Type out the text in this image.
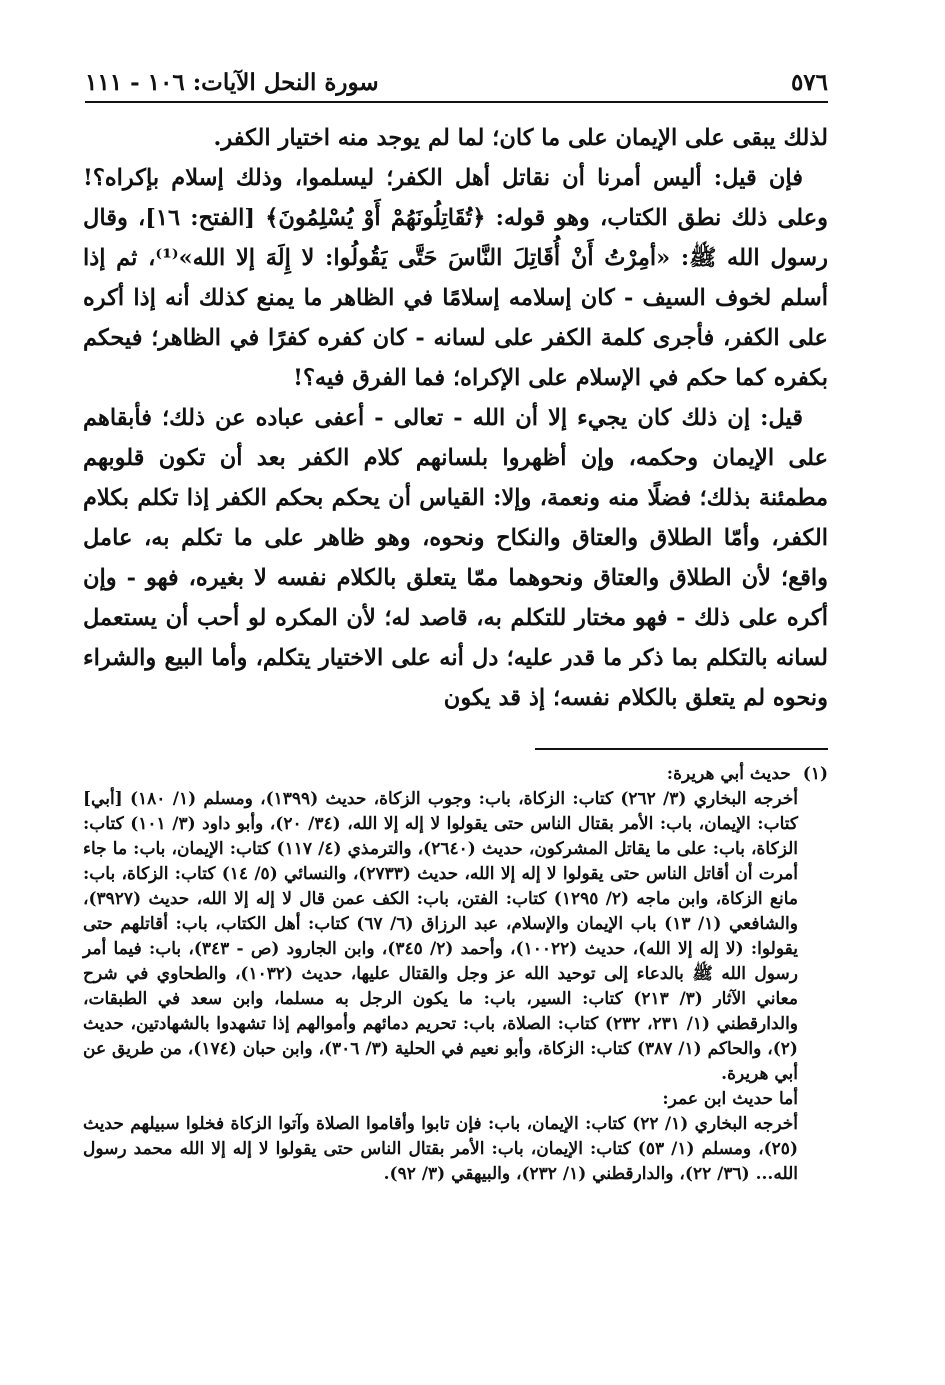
٥٧٦
سورة النحل الآيات: ١٠٦ - ١١١

لذلك يبقى على الإيمان على ما كان؛ لما لم يوجد منه اختيار الكفر.

فإن قيل: أليس أمرنا أن نقاتل أهل الكفر؛ ليسلموا، وذلك إسلام بإكراه؟! وعلى ذلك نطق الكتاب، وهو قوله: ﴿تُقَاتِلُونَهُمْ أَوْ يُسْلِمُونَ﴾ [الفتح: ١٦]، وقال رسول الله ﷺ: «أمِرْتُ أَنْ أُقَاتِلَ النَّاسَ حَتَّى يَقُولُوا: لا إِلَهَ إلا الله»⁽¹⁾، ثم إذا أسلم لخوف السيف - كان إسلامه إسلامًا في الظاهر ما يمنع كذلك أنه إذا أكره على الكفر، فأجرى كلمة الكفر على لسانه - كان كفره كفرًا في الظاهر؛ فيحكم بكفره كما حكم في الإسلام على الإكراه؛ فما الفرق فيه؟!

قيل: إن ذلك كان يجيء إلا أن الله - تعالى - أعفى عباده عن ذلك؛ فأبقاهم على الإيمان وحكمه، وإن أظهروا بلسانهم كلام الكفر بعد أن تكون قلوبهم مطمئنة بذلك؛ فضلًا منه ونعمة، وإلا: القياس أن يحكم بحكم الكفر إذا تكلم بكلام الكفر، وأمّا الطلاق والعتاق والنكاح ونحوه، وهو ظاهر على ما تكلم به، عامل واقع؛ لأن الطلاق والعتاق ونحوهما ممّا يتعلق بالكلام نفسه لا بغيره، فهو - وإن أكره على ذلك - فهو مختار للتكلم به، قاصد له؛ لأن المكره لو أحب أن يستعمل لسانه بالتكلم بما ذكر ما قدر عليه؛ دل أنه على الاختيار يتكلم، وأما البيع والشراء ونحوه لم يتعلق بالكلام نفسه؛ إذ قد يكون

(١)
حديث أبي هريرة:

أخرجه البخاري (٣/ ٢٦٢) كتاب: الزكاة، باب: وجوب الزكاة، حديث (١٣٩٩)، ومسلم (١/ ١٨٠) [أبي] كتاب: الإيمان، باب: الأمر بقتال الناس حتى يقولوا لا إله إلا الله، (٣٤/ ٢٠)، وأبو داود (٣/ ١٠١) كتاب: الزكاة، باب: على ما يقاتل المشركون، حديث (٢٦٤٠)، والترمذي (٤/ ١١٧) كتاب: الإيمان، باب: ما جاء أمرت أن أقاتل الناس حتى يقولوا لا إله إلا الله، حديث (٢٧٣٣)، والنسائي (٥/ ١٤) كتاب: الزكاة، باب: مانع الزكاة، وابن ماجه (٢/ ١٢٩٥) كتاب: الفتن، باب: الكف عمن قال لا إله إلا الله، حديث (٣٩٢٧)، والشافعي (١/ ١٣) باب الإيمان والإسلام، عبد الرزاق (٦/ ٦٧) كتاب: أهل الكتاب، باب: أقاتلهم حتى يقولوا: (لا إله إلا الله)، حديث (١٠٠٢٢)، وأحمد (٢/ ٣٤٥)، وابن الجارود (ص - ٣٤٣)، باب: فيما أمر رسول الله ﷺ بالدعاء إلى توحيد الله عز وجل والقتال عليها، حديث (١٠٣٢)، والطحاوي في شرح معاني الآثار (٣/ ٢١٣) كتاب: السير، باب: ما يكون الرجل به مسلما، وابن سعد في الطبقات، والدارقطني (١/ ٢٣١، ٢٣٢) كتاب: الصلاة، باب: تحريم دمائهم وأموالهم إذا تشهدوا بالشهادتين، حديث (٢)، والحاكم (١/ ٣٨٧) كتاب: الزكاة، وأبو نعيم في الحلية (٣/ ٣٠٦)، وابن حبان (١٧٤)، من طريق عن أبي هريرة.

أما حديث ابن عمر:

أخرجه البخاري (١/ ٢٢) كتاب: الإيمان، باب: فإن تابوا وأقاموا الصلاة وآتوا الزكاة فخلوا سبيلهم حديث (٢٥)، ومسلم (١/ ٥٣) كتاب: الإيمان، باب: الأمر بقتال الناس حتى يقولوا لا إله إلا الله محمد رسول الله... (٣٦/ ٢٢)، والدارقطني (١/ ٢٣٢)، والبيهقي (٣/ ٩٢).
